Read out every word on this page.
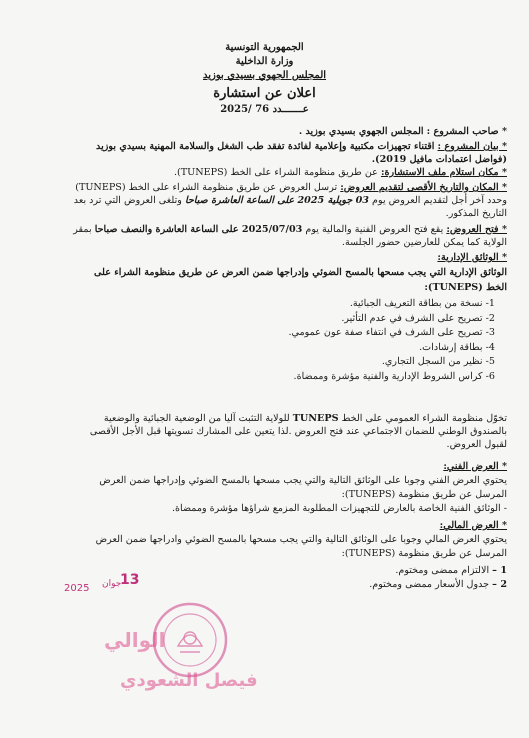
الجمهورية التونسية
وزارة الداخلية
المجلس الجهوي بسيدي بوزيد
اعلان عن استشارة
عـــــــدد 76 /2025
* صاحب المشروع : المجلس الجهوي بسيدي بوزيد .
* بيان المشروع : اقتناء تجهيزات مكتبية وإعلامية لفائدة تفقد طب الشغل والسلامة المهنية بسيدي بوزيد
(فواضل اعتمادات مافيل 2019).
* مكان استلام ملف الاستشارة: عن طريق منظومة الشراء على الخط (TUNEPS).
* المكان والتاريخ الأقصى لتقديم العروض: ترسل العروض عن طريق منظومة الشراء على الخط (TUNEPS)
وحدد آخر أجل لتقديم العروض يوم 03 جويلية 2025 على الساعة العاشرة صباحا وتلغى العروض التي ترد بعد
التاريخ المذكور.
* فتح العروض: يقع فتح العروض الفنية والمالية يوم 2025/07/03 على الساعة العاشرة والنصف صباحا بمقر
الولاية كما يمكن للعارضين حضور الجلسة.
* الوثائق الإدارية:
الوثائق الإدارية التي يجب مسحها بالمسح الضوئي وإدراجها ضمن العرض عن طريق منظومة الشراء على
الخط (TUNEPS):
1- نسخة من بطاقة التعريف الجبائية.
2- تصريح على الشرف في عدم التأثير.
3- تصريح على الشرف في انتفاء صفة عون عمومي.
4- بطاقة إرشادات.
5- نظير من السجل التجاري.
6- كراس الشروط الإدارية والفنية مؤشرة وممضاة.
تخوّل منظومة الشراء العمومي على الخط TUNEPS للولاية التثبت آليا من الوضعية الجبائية والوضعية
بالصندوق الوطني للضمان الاجتماعي عند فتح العروض .لذا يتعين على المشارك تسويتها قبل الأجل الأقصى
لقبول العروض.
* العرض الفني:
يحتوي العرض الفني وجوبا على الوثائق التالية والتي يجب مسحها بالمسح الضوئي وإدراجها ضمن العرض
المرسل عن طريق منظومة (TUNEPS):
- الوثائق الفنية الخاصة بالعارض للتجهيزات المطلوبة المزمع شراؤها مؤشرة وممضاة.
* العرض المالي:
يحتوي العرض المالي وجوبا على الوثائق التالية والتي يجب مسحها بالمسح الضوئي وادراجها ضمن العرض
المرسل عن طريق منظومة (TUNEPS):
1 – الالتزام ممضى ومختوم.
2 – جدول الأسعار ممضى ومختوم.
2025 جوان
13
الوالي
فيصل الشعودي
